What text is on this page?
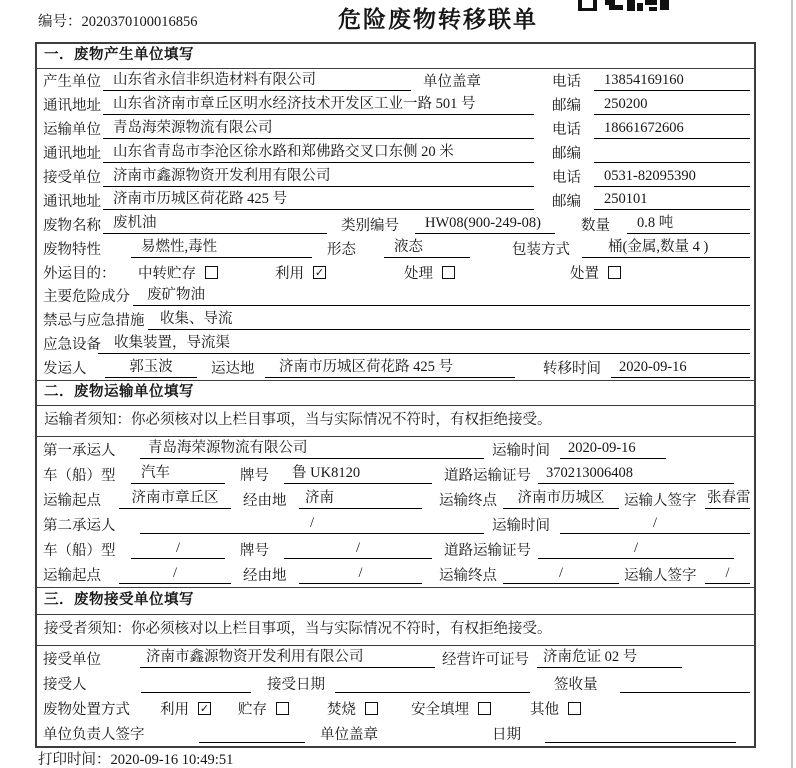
编号：2020370100016856	危险废物转移联单
一．废物产生单位填写
产生单位 山东省永信非织造材料有限公司	单位盖章	电话	13854169160
通讯地址 山东省济南市章丘区明水经济技术开发区工业一路 501 号	邮编	250200
运输单位 青岛海荣源物流有限公司	电话	18661672606
通讯地址 山东省青岛市李沧区徐水路和郑佛路交叉口东侧 20 米	邮编
接受单位 济南市鑫源物资开发利用有限公司	电话	0531-82095390
通讯地址 济南市历城区荷花路 425 号	邮编	250101
废物名称 废机油	类别编号	HW08(900-249-08)	数量	0.8 吨
废物特性	易燃性,毒性	形态	液态	包装方式	桶(金属,数量 4 )
外运目的：	中转贮存	利用 ✓	处理	处置
主要危险成分	废矿物油
禁忌与应急措施	收集、导流
应急设备 收集装置，导流渠
发运人	郭玉波	运达地	济南市历城区荷花路 425 号	转移时间	2020-09-16
二．废物运输单位填写
运输者须知：你必须核对以上栏目事项，当与实际情况不符时，有权拒绝接受。
第一承运人	青岛海荣源物流有限公司	运输时间	2020-09-16
车（船）型	汽车	牌号	鲁 UK8120	道路运输证号	370213006408
运输起点	济南市章丘区	经由地	济南	运输终点	济南市历城区	运输人签字 张春雷
第二承运人	/	运输时间	/
车（船）型	/	牌号	/	道路运输证号	/
运输起点	/	经由地	/	运输终点	/	运输人签字	/
三．废物接受单位填写
接受者须知：你必须核对以上栏目事项，当与实际情况不符时，有权拒绝接受。
接受单位	济南市鑫源物资开发利用有限公司	经营许可证号 济南危证 02 号
接受人	接受日期	签收量
废物处置方式	利用 ✓ 贮存	焚烧	安全填埋	其他
单位负责人签字	单位盖章	日期
打印时间：2020-09-16 10:49:51
